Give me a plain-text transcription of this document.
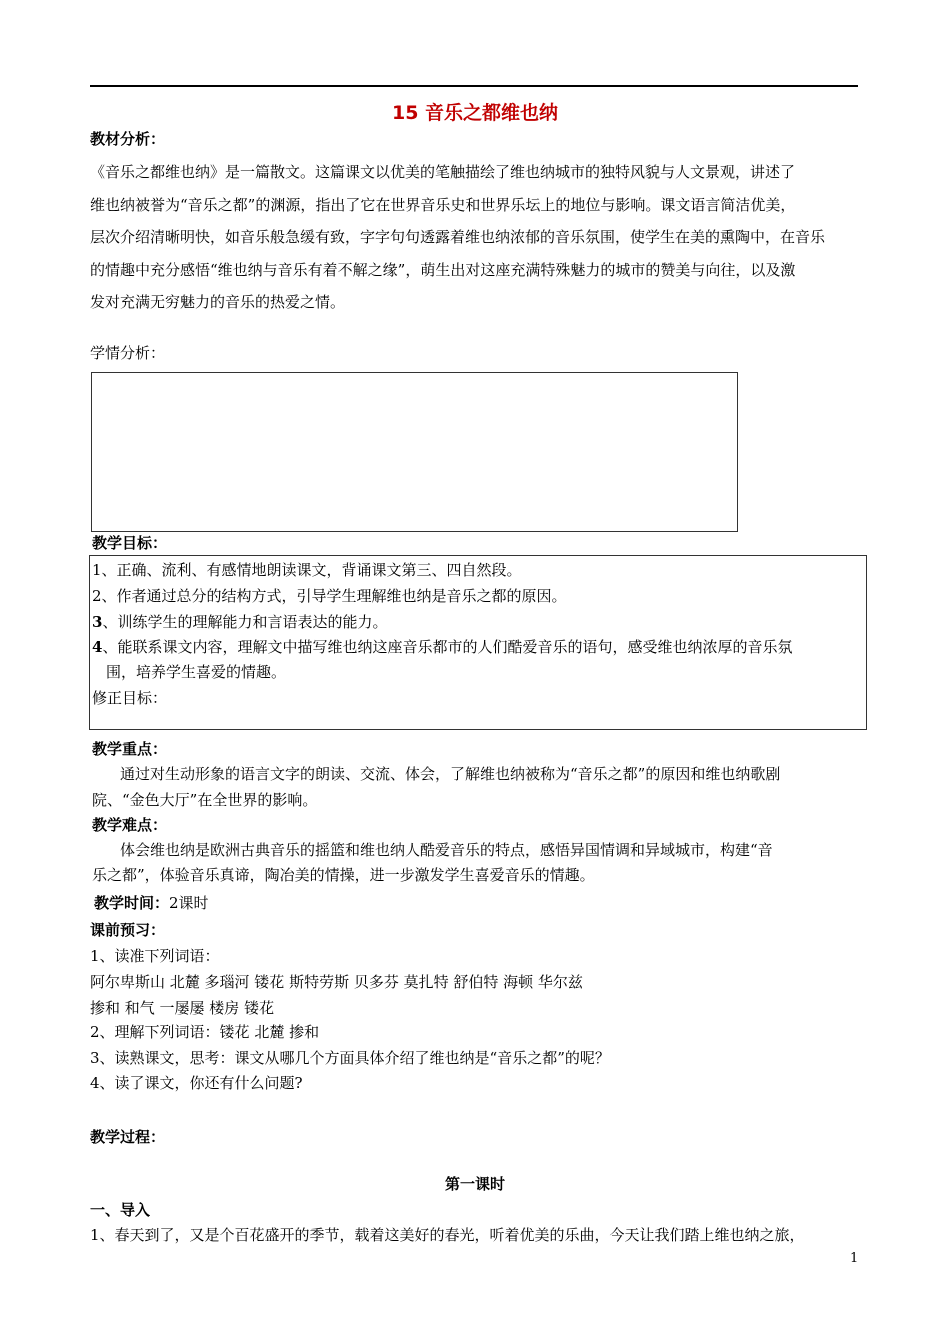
15 音乐之都维也纳
教材分析：
《音乐之都维也纳》是一篇散文。这篇课文以优美的笔触描绘了维也纳城市的独特风貌与人文景观，讲述了
维也纳被誉为“音乐之都”的渊源，指出了它在世界音乐史和世界乐坛上的地位与影响。课文语言简洁优美，
层次介绍清晰明快，如音乐般急缓有致，字字句句透露着维也纳浓郁的音乐氛围，使学生在美的熏陶中，在音乐
的情趣中充分感悟“维也纳与音乐有着不解之缘”，萌生出对这座充满特殊魅力的城市的赞美与向往，以及激
发对充满无穷魅力的音乐的热爱之情。
学情分析：
教学目标：
1、正确、流利、有感情地朗读课文，背诵课文第三、四自然段。
2、作者通过总分的结构方式，引导学生理解维也纳是音乐之都的原因。
3、训练学生的理解能力和言语表达的能力。
4、能联系课文内容，理解文中描写维也纳这座音乐都市的人们酷爱音乐的语句，感受维也纳浓厚的音乐氛
围，培养学生喜爱的情趣。
修正目标：
教学重点：
通过对生动形象的语言文字的朗读、交流、体会，了解维也纳被称为“音乐之都”的原因和维也纳歌剧
院、“金色大厅”在全世界的影响。
教学难点：
体会维也纳是欧洲古典音乐的摇篮和维也纳人酷爱音乐的特点，感悟异国情调和异域城市，构建“音
乐之都”，体验音乐真谛，陶冶美的情操，进一步激发学生喜爱音乐的情趣。
教学时间：2课时
课前预习：
1、读准下列词语：
阿尔卑斯山 北麓 多瑙河 镂花 斯特劳斯 贝多芬 莫扎特 舒伯特 海顿 华尔兹
掺和 和气 一屡屡 楼房 镂花
2、理解下列词语：镂花 北麓 掺和
3、读熟课文，思考：课文从哪几个方面具体介绍了维也纳是“音乐之都”的呢？
4、读了课文，你还有什么问题?
教学过程：
第一课时
一、导入
1、春天到了，又是个百花盛开的季节，载着这美好的春光，听着优美的乐曲，今天让我们踏上维也纳之旅，
1
